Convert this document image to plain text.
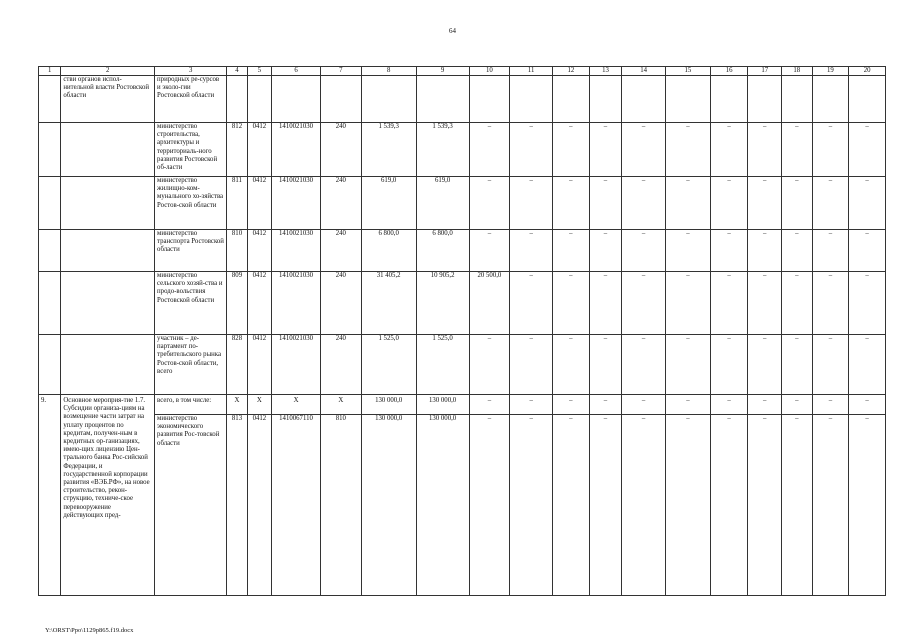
64
1	2	3	4	5	6	7	8	9	10	11	12	13	14	15	16	17	18	19	20
	стви органов испол-нительной власти Ростовской области	природных ре-сурсов и эколо-гии Ростовской области																	
		министерство строительства, архитектуры и территориаль-ного развития Ростовской об-ласти	812	0412	1410021030	240	1 539,3	1 539,3	–	–	–	–	–	–	–	–	–	–	–
		министерство жилищно-ком-мунального хо-зяйства Ростов-ской области	811	0412	1410021030	240	619,0	619,0	–	–	–	–	–	–	–	–	–	–	–
		министерство транспорта Ростовской области	810	0412	1410021030	240	6 800,0	6 800,0	–	–	–	–	–	–	–	–	–	–	–
		министерство сельского хозяй-ства и продо-вольствия Ростовской области	809	0412	1410021030	240	31 405,2	10 905,2	20 500,0	–	–	–	–	–	–	–	–	–	–
		участник – де-партамент по-требительского рынка Ростов-ской области, всего	828	0412	1410021030	240	1 525,0	1 525,0	–	–	–	–	–	–	–	–	–	–	–
9.	Основное мероприя-тие 1.7. Субсидии организа-циям на возмещение части затрат на уплату процентов по кредитам, получен-ным в кредитных ор-ганизациях, имею-щих лицензию Цен-трального банка Рос-сийской Федерации, и государственной корпорации развития «ВЭБ.РФ», на новое строительство, рекон-струкцию, техниче-ское перевооружение действующих пред-	всего, в том числе:	Х	Х	Х	Х	130 000,0	130 000,0	–	–	–	–	–	–	–	–	–	–	–
		министерство экономического развития Рос-товской области	813	0412	1410067110	810	130 000,0	130 000,0	–	–	–	–	–	–	–	–	–	–	–
Y:\ORST\Ppo\1129p865.f19.docx
